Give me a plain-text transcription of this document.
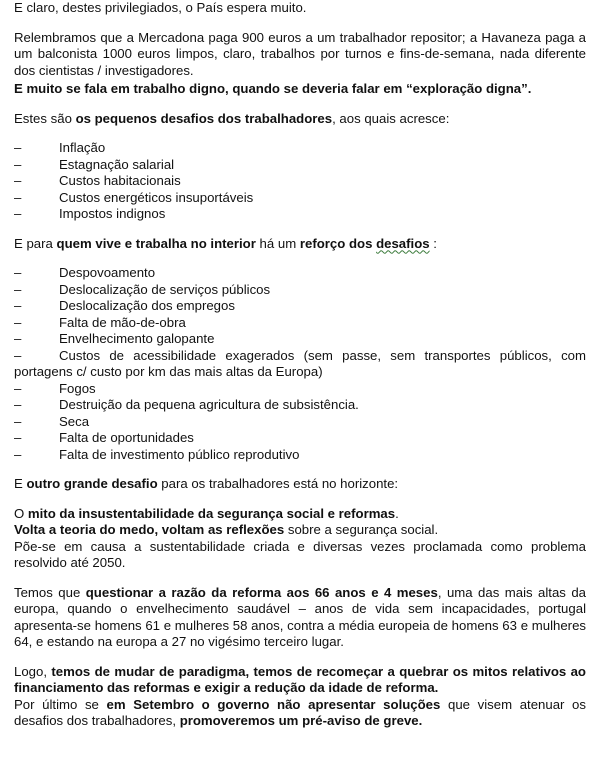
E claro, destes privilegiados, o País espera muito.

Relembramos que a Mercadona paga 900 euros a um trabalhador repositor; a Havaneza paga a um balconista 1000 euros limpos, claro, trabalhos por turnos e fins-de-semana, nada diferente dos cientistas / investigadores.

E muito se fala em trabalho digno, quando se deveria falar em “exploração digna”.

Estes são os pequenos desafios dos trabalhadores, aos quais acresce:

–	Inflação
–	Estagnação salarial
–	Custos habitacionais
–	Custos energéticos insuportáveis
–	Impostos indignos

E para quem vive e trabalha no interior há um reforço dos desafios :

–	Despovoamento
–	Deslocalização de serviços públicos
–	Deslocalização dos empregos
–	Falta de mão-de-obra
–	Envelhecimento galopante
–	Custos de acessibilidade exagerados (sem passe, sem transportes públicos, com portagens c/ custo por km das mais altas da Europa)
–	Fogos
–	Destruição da pequena agricultura de subsistência.
–	Seca
–	Falta de oportunidades
–	Falta de investimento público reprodutivo

E outro grande desafio para os trabalhadores está no horizonte:

O mito da insustentabilidade da segurança social e reformas.

Volta a teoria do medo, voltam as reflexões sobre a segurança social.

Põe-se em causa a sustentabilidade criada e diversas vezes proclamada como problema resolvido até 2050.

Temos que questionar a razão da reforma aos 66 anos e 4 meses, uma das mais altas da europa, quando o envelhecimento saudável – anos de vida sem incapacidades, portugal apresenta-se homens 61 e mulheres 58 anos, contra a média europeia de homens 63 e mulheres 64, e estando na europa a 27 no vigésimo terceiro lugar.

Logo, temos de mudar de paradigma, temos de recomeçar a quebrar os mitos relativos ao financiamento das reformas e exigir a redução da idade de reforma.

Por último se em Setembro o governo não apresentar soluções que visem atenuar os desafios dos trabalhadores, promoveremos um pré-aviso de greve.
